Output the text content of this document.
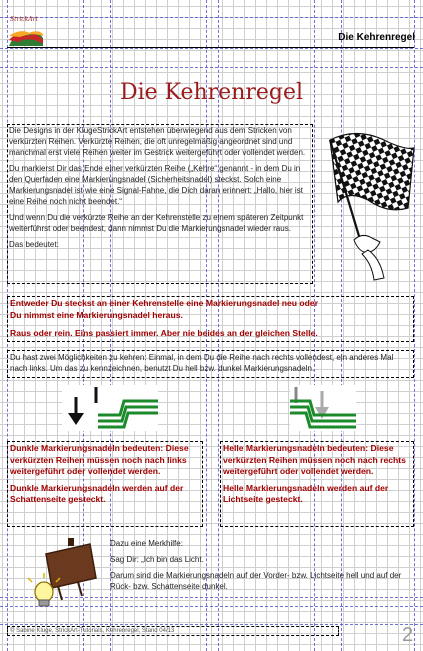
StrickArt
Die Kehrenregel
Die Kehrenregel

Die Designs in der KlugeStrickArt entstehen überwiegend aus dem Stricken von verkürzten Reihen. Verkürzte Reihen, die oft unregelmäßig angeordnet sind und manchmal erst viele Reihen weiter im Gestrick weitergeführt oder vollendet werden.

Du markierst Dir das Ende einer verkürzten Reihe („Kehre“ genannt - in dem Du in den Querfaden eine Markierungsnadel (Sicherheitsnadel) steckst. Solch eine Markierungsnadel ist wie eine Signal-Fahne, die Dich daran erinnert: „Hallo, hier ist eine Reihe noch nicht beendet.“

Und wenn Du die verkürzte Reihe an der Kehrenstelle zu einem späteren Zeitpunkt weiterführst oder beendest, dann nimmst Du die Markierungsnadel wieder raus.

Das bedeutet:

Entweder Du steckst an einer Kehrenstelle eine Markierungsnadel neu oder
Du nimmst eine Markierungsnadel heraus.
Raus oder rein. Eins passiert immer. Aber nie beides an der gleichen Stelle.
Du hast zwei Möglichkeiten zu kehren: Einmal, in dem Du die Reihe nach rechts vollendest, ein anderes Mal nach links. Um das zu kennzeichnen, benutzt Du hell bzw. dunkel Markierungsnadeln.
Dunkle Markierungsnadeln bedeuten: Diese verkürzten Reihen müssen noch nach links weitergeführt oder vollendet werden.
Dunkle Markierungsnadeln werden auf der Schattenseite gesteckt.
Helle Markierungsnadeln bedeuten: Diese verkürzten Reihen müssen noch nach rechts weitergeführt oder vollendet werden.
Helle Markierungsnadeln werden auf der Lichtseite gesteckt.
Dazu eine Merkhilfe:
Sag Dir: „Ich bin das Licht.
Darum sind die Markierungsnadeln auf der Vorder- bzw. Lichtseite hell und auf der Rück- bzw. Schattenseite dunkel.
© Sabine Kluge, StrickArt-Tutorials, Kehrenregel, Stand 04/13	2
